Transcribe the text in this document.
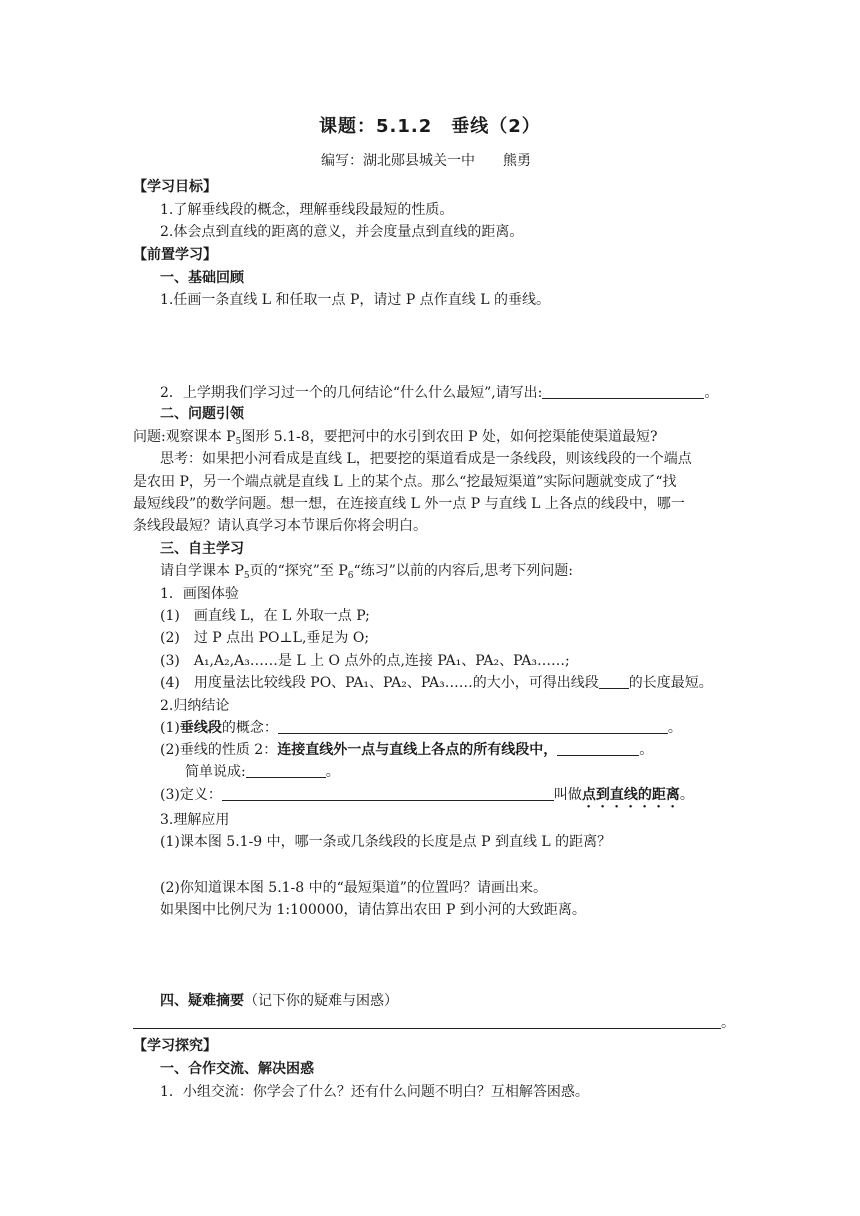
课题：5.1.2　垂线（2）
编写：湖北郧县城关一中　　熊勇
【学习目标】
1.了解垂线段的概念，理解垂线段最短的性质。
2.体会点到直线的距离的意义，并会度量点到直线的距离。
【前置学习】
一、基础回顾
1.任画一条直线 L 和任取一点 P，请过 P 点作直线 L 的垂线。
2．上学期我们学习过一个的几何结论“什么什么最短”,请写出:	。
二、问题引领
问题:观察课本 $P_5$图形 5.1-8，要把河中的水引到农田 P 处，如何挖渠能使渠道最短?
思考：如果把小河看成是直线 L，把要挖的渠道看成是一条线段，则该线段的一个端点
是农田 P，另一个端点就是直线 L 上的某个点。那么“挖最短渠道”实际问题就变成了“找
最短线段”的数学问题。想一想，在连接直线 L 外一点 P 与直线 L 上各点的线段中，哪一
条线段最短？请认真学习本节课后你将会明白。
三、自主学习
请自学课本 $P_5$页的“探究”至 $P_6“$练习”以前的内容后,思考下列问题:
1．画图体验
(1)　画直线 L，在 L 外取一点 P;
(2)　过 P 点出 PO⊥L,垂足为 O;
(3)　A₁,A₂,A₃……是 L 上 O 点外的点,连接 PA₁、PA₂、PA₃……;
(4)　用度量法比较线段 PO、PA₁、PA₂、PA₃……的大小，可得出线段 的长度最短。
2.归纳结论
(1)垂线段的概念：	。
(2)垂线的性质 2：连接直线外一点与直线上各点的所有线段中，	。
简单说成:	。
(3)定义：	叫做点到直线的距离。
3.理解应用
(1)课本图 5.1-9 中，哪一条或几条线段的长度是点 P 到直线 L 的距离？
(2)你知道课本图 5.1-8 中的“最短渠道”的位置吗？请画出来。
如果图中比例尺为 1:100000，请估算出农田 P 到小河的大致距离。
四、疑难摘要（记下你的疑难与困惑）
。
【学习探究】
一、合作交流、解决困惑
1．小组交流：你学会了什么？还有什么问题不明白？互相解答困惑。
